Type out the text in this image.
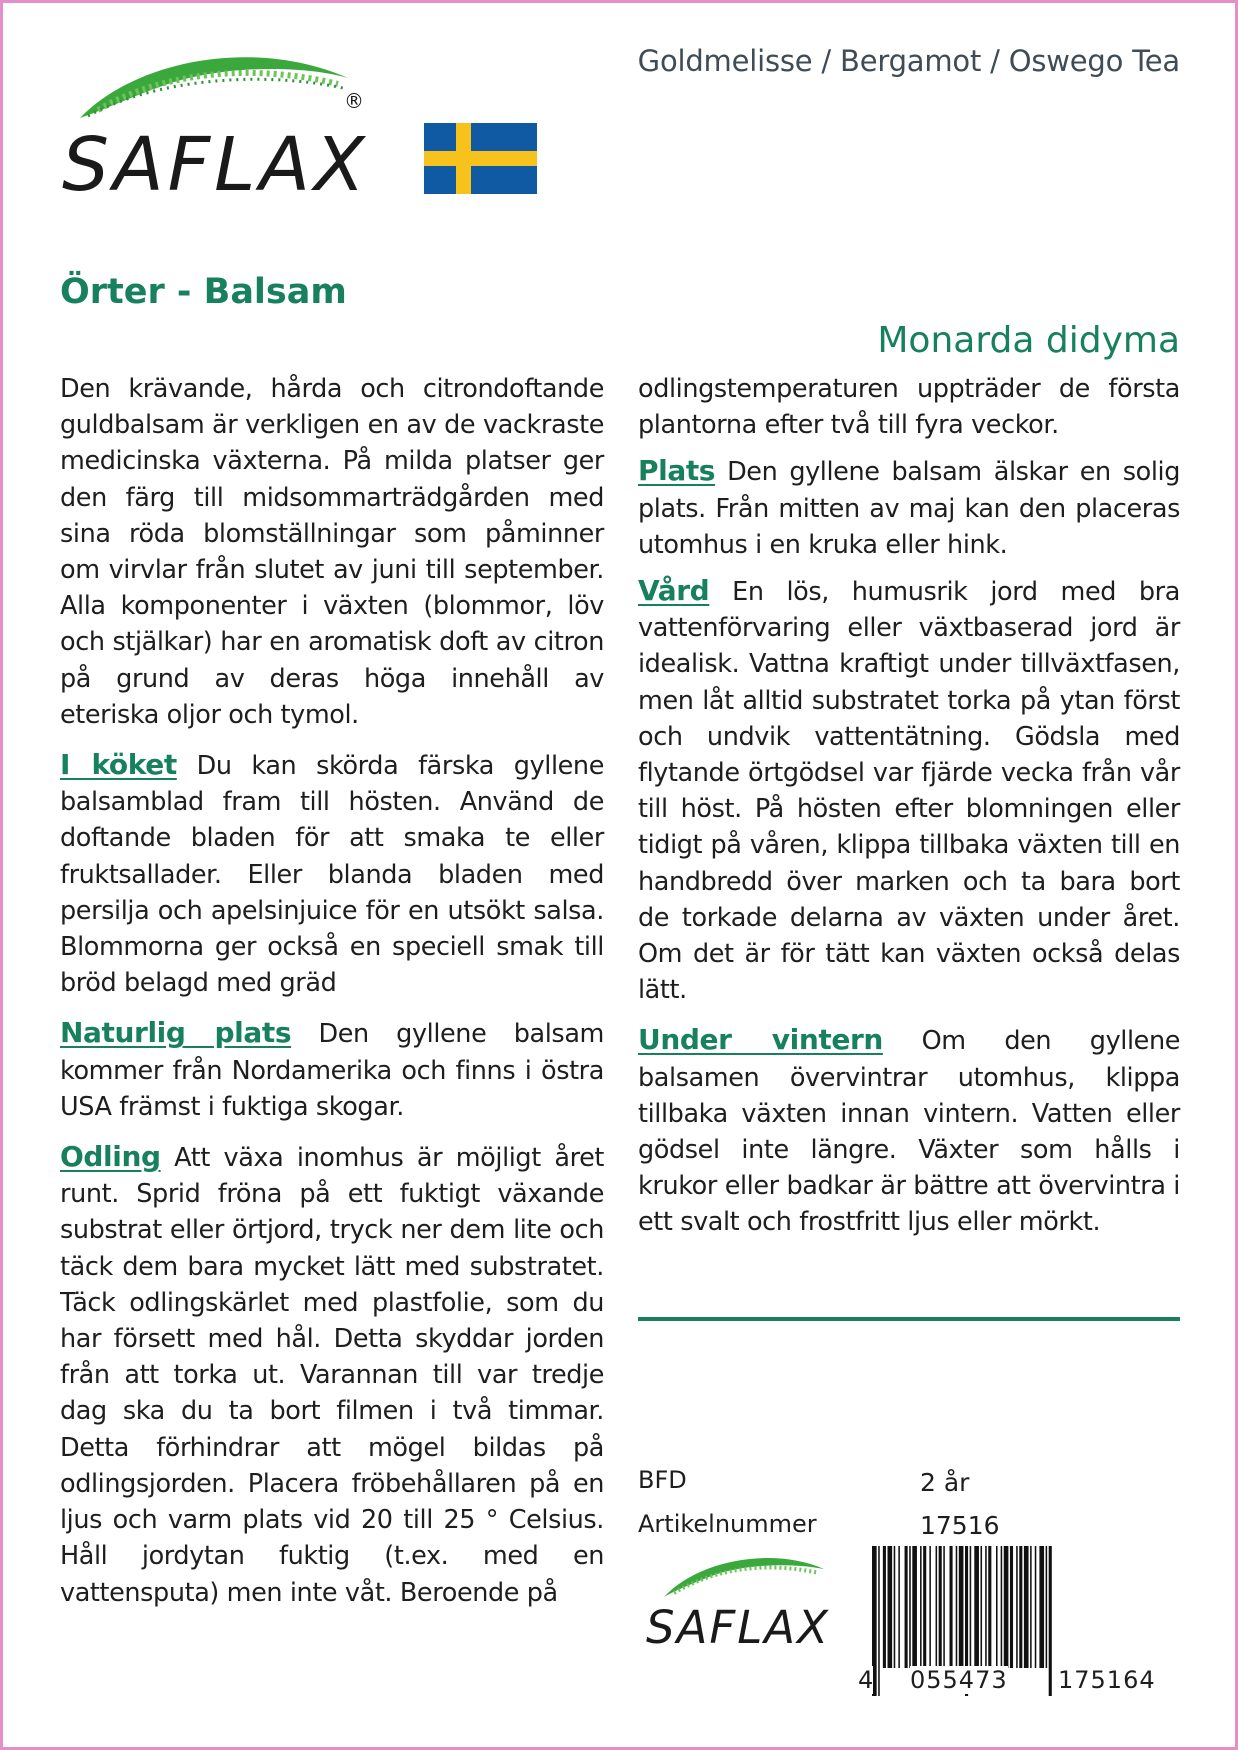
SAFLAX
®
Goldmelisse / Bergamot / Oswego Tea
Örter - Balsam
Monarda didyma

Den krävande, hårda och citrondoftande guldbalsam är verkligen en av de vackraste medicinska växterna. På milda platser ger den färg till midsommarträdgården med sina röda blomställningar som påminner om virvlar från slutet av juni till september. Alla komponenter i växten (blommor, löv och stjälkar) har en aromatisk doft av citron på grund av deras höga innehåll av eteriska oljor och tymol.

I köket Du kan skörda färska gyllene balsamblad fram till hösten. Använd de doftande bladen för att smaka te eller fruktsallader. Eller blanda bladen med persilja och apelsinjuice för en utsökt salsa. Blommorna ger också en speciell smak till bröd belagd med gräd

Naturlig plats Den gyllene balsam kommer från Nordamerika och finns i östra USA främst i fuktiga skogar.

Odling Att växa inomhus är möjligt året runt. Sprid fröna på ett fuktigt växande substrat eller örtjord, tryck ner dem lite och täck dem bara mycket lätt med substratet. Täck odlingskärlet med plastfolie, som du har försett med hål. Detta skyddar jorden från att torka ut. Varannan till var tredje dag ska du ta bort filmen i två timmar. Detta förhindrar att mögel bildas på odlingsjorden. Placera fröbehållaren på en ljus och varm plats vid 20 till 25 ° Celsius. Håll jordytan fuktig (t.ex. med en vattensputa) men inte våt. Beroende på

odlingstemperaturen uppträder de första plantorna efter två till fyra veckor.

Plats Den gyllene balsam älskar en solig plats. Från mitten av maj kan den placeras utomhus i en kruka eller hink.

Vård En lös, humusrik jord med bra vattenförvaring eller växtbaserad jord är idealisk. Vattna kraftigt under tillväxtfasen, men låt alltid substratet torka på ytan först och undvik vattentätning. Gödsla med flytande örtgödsel var fjärde vecka från vår till höst. På hösten efter blomningen eller tidigt på våren, klippa tillbaka växten till en handbredd över marken och ta bara bort de torkade delarna av växten under året. Om det är för tätt kan växten också delas lätt.

Under vintern Om den gyllene balsamen övervintrar utomhus, klippa tillbaka växten innan vintern. Vatten eller gödsel inte längre. Växter som hålls i krukor eller badkar är bättre att övervintra i ett svalt och frostfritt ljus eller mörkt.

BFD	2 år
Artikelnummer	17516
SAFLAX
4 055473 175164
